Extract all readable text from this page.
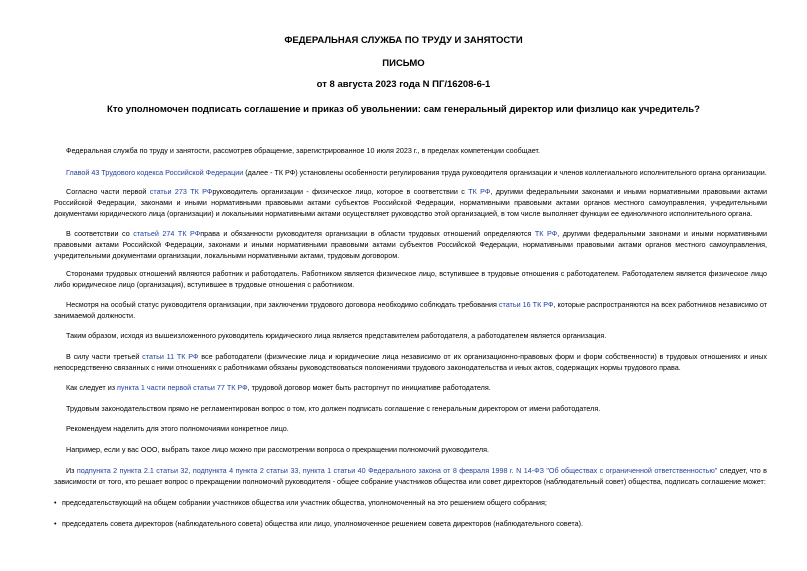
ФЕДЕРАЛЬНАЯ СЛУЖБА ПО ТРУДУ И ЗАНЯТОСТИ
ПИСЬМО
от 8 августа 2023 года N ПГ/16208-6-1
Кто уполномочен подписать соглашение и приказ об увольнении: сам генеральный директор или физлицо как учредитель?

Федеральная служба по труду и занятости, рассмотрев обращение, зарегистрированное 10 июля 2023 г., в пределах компетенции сообщает.

Главой 43 Трудового кодекса Российской Федерации (далее - ТК РФ) установлены особенности регулирования труда руководителя организации и членов коллегиального исполнительного органа организации.

Согласно части первой статьи 273 ТК РФруководитель организации - физическое лицо, которое в соответствии с ТК РФ, другими федеральными законами и иными нормативными правовыми актами Российской Федерации, законами и иными нормативными правовыми актами субъектов Российской Федерации, нормативными правовыми актами органов местного самоуправления, учредительными документами юридического лица (организации) и локальными нормативными актами осуществляет руководство этой организацией, в том числе выполняет функции ее единоличного исполнительного органа.

В соответствии со статьей 274 ТК РФправа и обязанности руководителя организации в области трудовых отношений определяются ТК РФ, другими федеральными законами и иными нормативными правовыми актами Российской Федерации, законами и иными нормативными правовыми актами субъектов Российской Федерации, нормативными правовыми актами органов местного самоуправления, учредительными документами организации, локальными нормативными актами, трудовым договором.

Сторонами трудовых отношений являются работник и работодатель. Работником является физическое лицо, вступившее в трудовые отношения с работодателем. Работодателем является физическое лицо либо юридическое лицо (организация), вступившее в трудовые отношения с работником.

Несмотря на особый статус руководителя организации, при заключении трудового договора необходимо соблюдать требования статьи 16 ТК РФ, которые распространяются на всех работников независимо от занимаемой должности.

Таким образом, исходя из вышеизложенного руководитель юридического лица является представителем работодателя, а работодателем является организация.

В силу части третьей статьи 11 ТК РФ все работодатели (физические лица и юридические лица независимо от их организационно-правовых форм и форм собственности) в трудовых отношениях и иных непосредственно связанных с ними отношениях с работниками обязаны руководствоваться положениями трудового законодательства и иных актов, содержащих нормы трудового права.

Как следует из пункта 1 части первой статьи 77 ТК РФ, трудовой договор может быть расторгнут по инициативе работодателя.

Трудовым законодательством прямо не регламентирован вопрос о том, кто должен подписать соглашение с генеральным директором от имени работодателя.

Рекомендуем наделить для этого полномочиями конкретное лицо.

Например, если у вас ООО, выбрать такое лицо можно при рассмотрении вопроса о прекращении полномочий руководителя.

Из подпункта 2 пункта 2.1 статьи 32, подпункта 4 пункта 2 статьи 33, пункта 1 статьи 40 Федерального закона от 8 февраля 1998 г. N 14-ФЗ "Об обществах с ограниченной ответственностью" следует, что в зависимости от того, кто решает вопрос о прекращении полномочий руководителя - общее собрание участников общества или совет директоров (наблюдательный совет) общества, подписать соглашение может:

• председательствующий на общем собрании участников общества или участник общества, уполномоченный на это решением общего собрания;
• председатель совета директоров (наблюдательного совета) общества или лицо, уполномоченное решением совета директоров (наблюдательного совета).
